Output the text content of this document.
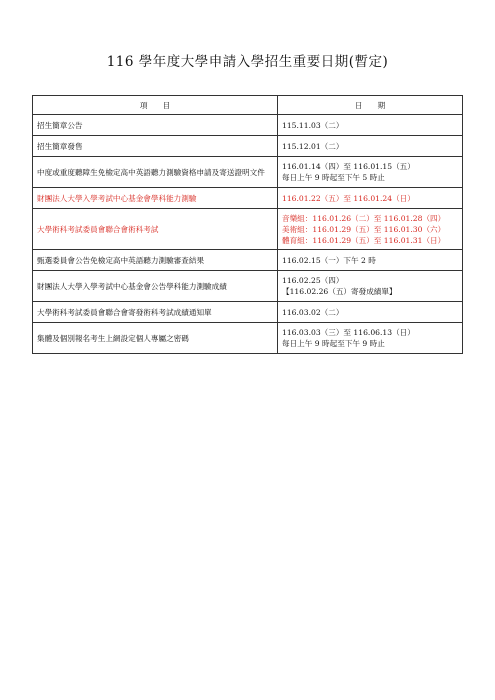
116 學年度大學申請入學招生重要日期(暫定)
項　　目	日　　期
招生簡章公告	115.11.03（二）

招生簡章發售	115.12.01（二）

中度或重度聽障生免檢定高中英語聽力測驗資格申請及寄送證明文件	116.01.14（四）至 116.01.15（五）
每日上午 9 時起至下午 5 時止

財團法人大學入學考試中心基金會學科能力測驗	116.01.22（五）至 116.01.24（日）

大學術科考試委員會聯合會術科考試	音樂組：116.01.26（二）至 116.01.28（四）
美術組：116.01.29（五）至 116.01.30（六）
體育組：116.01.29（五）至 116.01.31（日）

甄選委員會公告免檢定高中英語聽力測驗審查結果	116.02.15（一）下午 2 時

財團法人大學入學考試中心基金會公告學科能力測驗成績	116.02.25（四）
【116.02.26（五）寄發成績單】

大學術科考試委員會聯合會寄發術科考試成績通知單	116.03.02（二）

集體及個別報名考生上網設定個人專屬之密碼	116.03.03（三）至 116.06.13（日）
每日上午 9 時起至下午 9 時止
